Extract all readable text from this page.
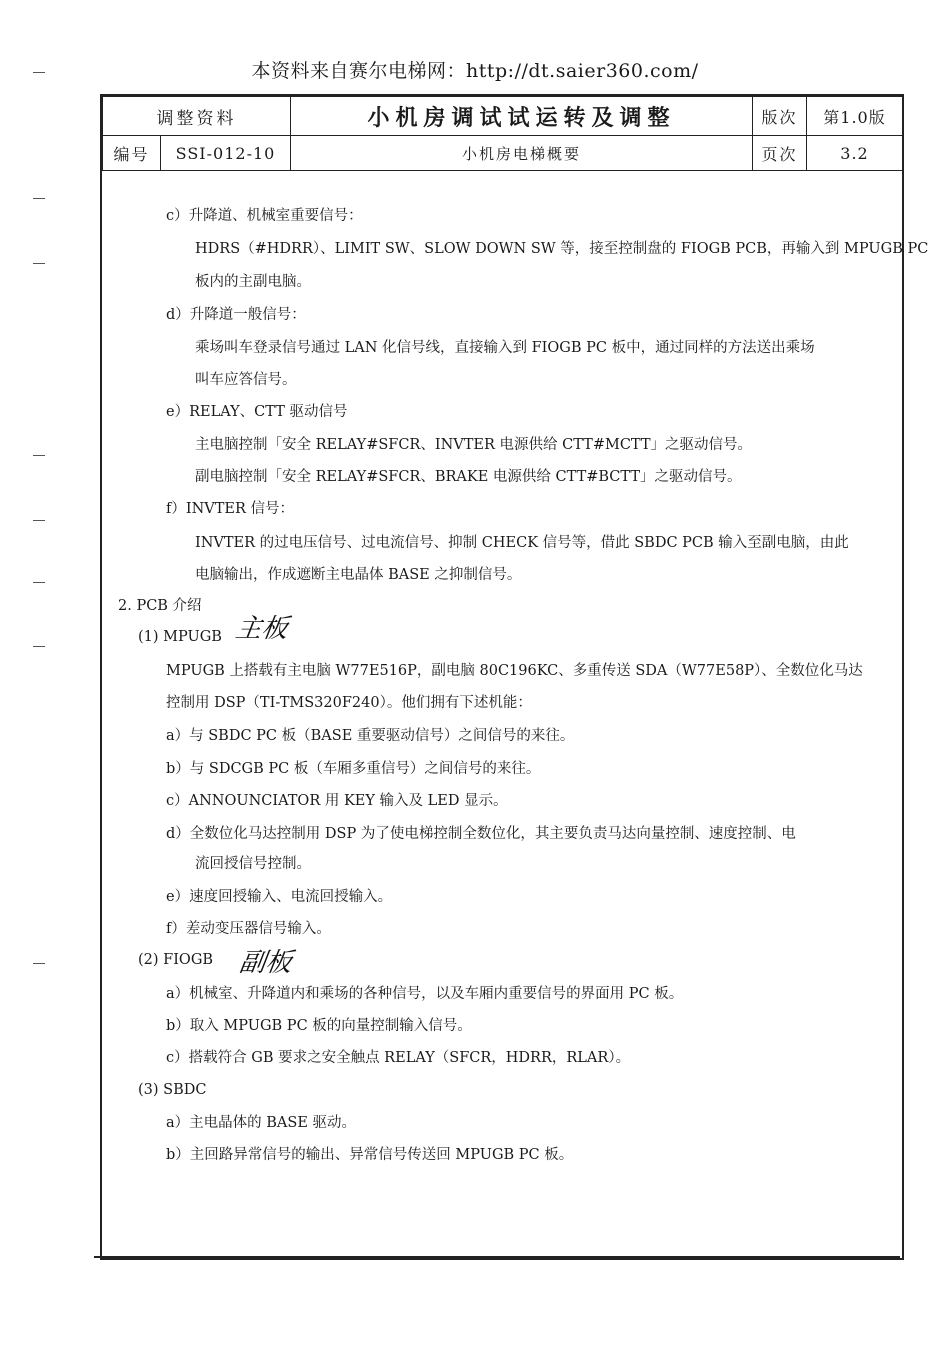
本资料来自赛尔电梯网：http://dt.saier360.com/
调整资料		小机房调试试运转及调整	版次	第1.0版
编号	SSI-012-10	小机房电梯概要	页次	3.2
c）升降道、机械室重要信号：
HDRS（#HDRR）、LIMIT SW、SLOW DOWN SW 等，接至控制盘的 FIOGB PCB，再输入到 MPUGB PC
板内的主副电脑。
d）升降道一般信号：
乘场叫车登录信号通过 LAN 化信号线，直接输入到 FIOGB PC 板中，通过同样的方法送出乘场
叫车应答信号。
e）RELAY、CTT 驱动信号
主电脑控制「安全 RELAY#SFCR、INVTER 电源供给 CTT#MCTT」之驱动信号。
副电脑控制「安全 RELAY#SFCR、BRAKE 电源供给 CTT#BCTT」之驱动信号。
f）INVTER 信号：
INVTER 的过电压信号、过电流信号、抑制 CHECK 信号等，借此 SBDC PCB 输入至副电脑，由此
电脑输出，作成遮断主电晶体 BASE 之抑制信号。
2. PCB 介绍
(1) MPUGB 主板
MPUGB 上搭载有主电脑 W77E516P，副电脑 80C196KC、多重传送 SDA（W77E58P）、全数位化马达
控制用 DSP（TI-TMS320F240）。他们拥有下述机能：
a）与 SBDC PC 板（BASE 重要驱动信号）之间信号的来往。
b）与 SDCGB PC 板（车厢多重信号）之间信号的来往。
c）ANNOUNCIATOR 用 KEY 输入及 LED 显示。
d）全数位化马达控制用 DSP 为了使电梯控制全数位化，其主要负责马达向量控制、速度控制、电
流回授信号控制。
e）速度回授输入、电流回授输入。
f）差动变压器信号输入。
(2) FIOGB 副板
a）机械室、升降道内和乘场的各种信号，以及车厢内重要信号的界面用 PC 板。
b）取入 MPUGB PC 板的向量控制输入信号。
c）搭载符合 GB 要求之安全触点 RELAY（SFCR，HDRR，RLAR）。
(3) SBDC
a）主电晶体的 BASE 驱动。
b）主回路异常信号的输出、异常信号传送回 MPUGB PC 板。
